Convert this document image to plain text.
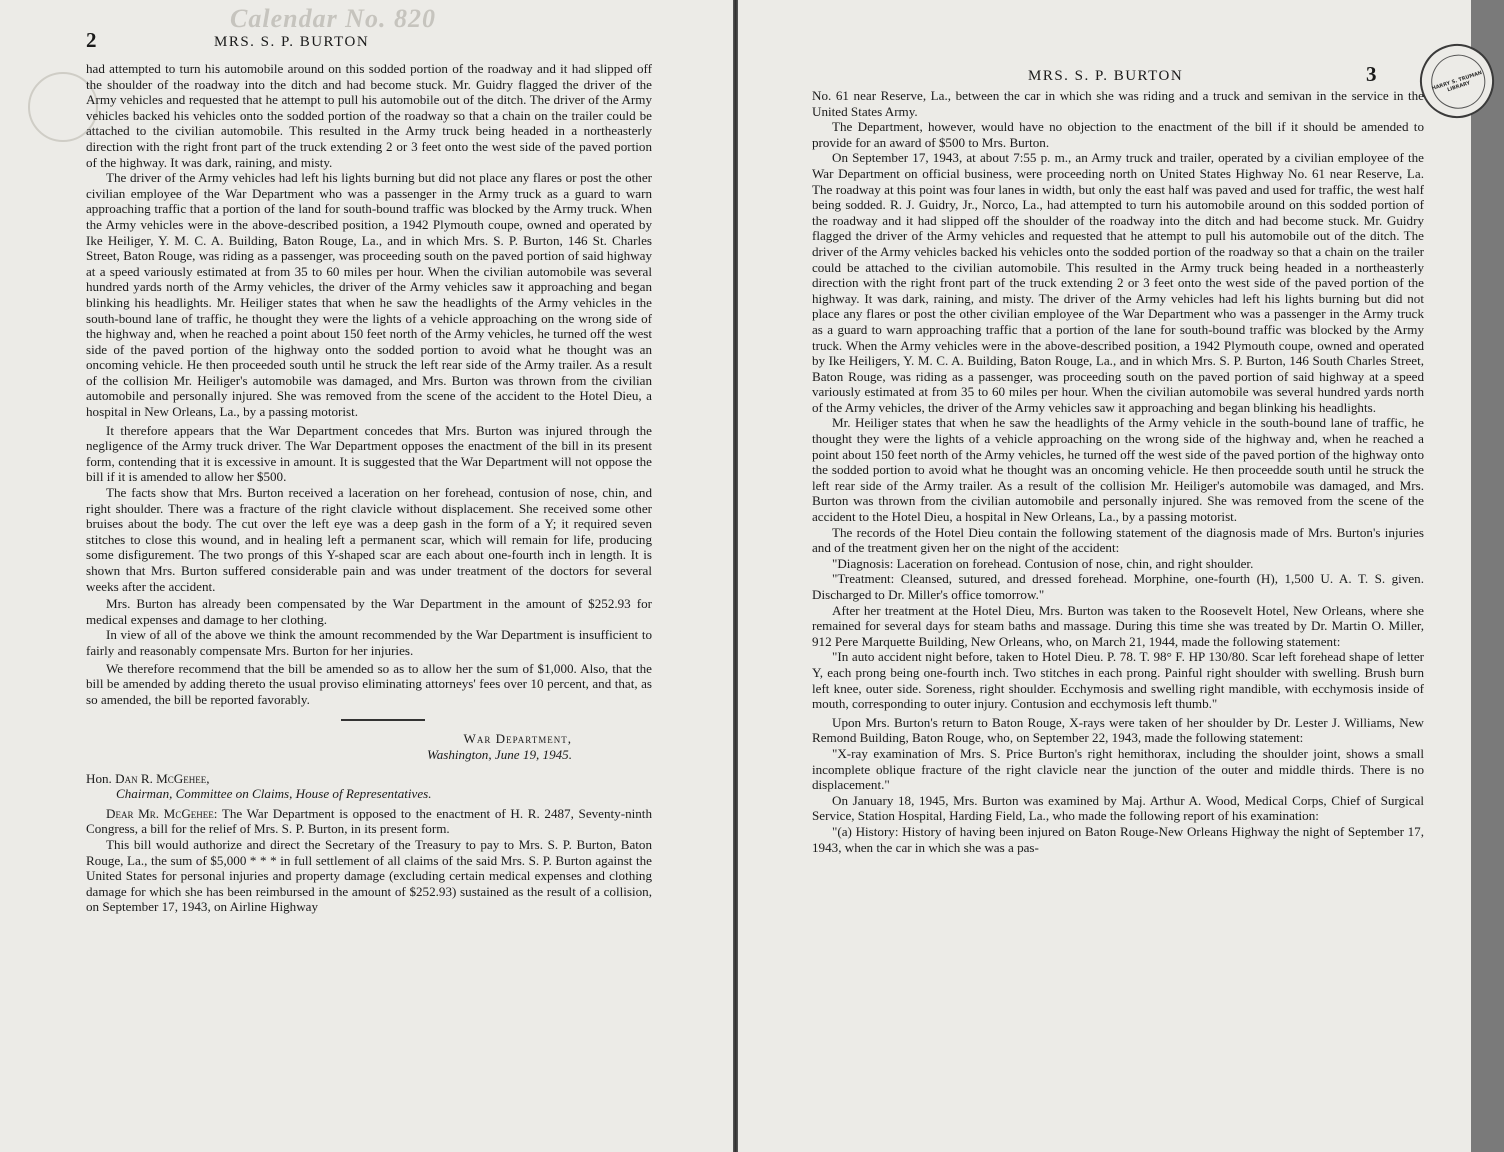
Calendar No. 820
2	MRS. S. P. BURTON

had attempted to turn his automobile around on this sodded portion of the roadway and it had slipped off the shoulder of the roadway into the ditch and had become stuck. Mr. Guidry flagged the driver of the Army vehicles and requested that he attempt to pull his automobile out of the ditch. The driver of the Army vehicles backed his vehicles onto the sodded portion of the roadway so that a chain on the trailer could be attached to the civilian automobile. This resulted in the Army truck being headed in a northeasterly direction with the right front part of the truck extending 2 or 3 feet onto the west side of the paved portion of the highway. It was dark, raining, and misty.

The driver of the Army vehicles had left his lights burning but did not place any flares or post the other civilian employee of the War Department who was a passenger in the Army truck as a guard to warn approaching traffic that a portion of the land for south-bound traffic was blocked by the Army truck. When the Army vehicles were in the above-described position, a 1942 Plymouth coupe, owned and operated by Ike Heiliger, Y. M. C. A. Building, Baton Rouge, La., and in which Mrs. S. P. Burton, 146 St. Charles Street, Baton Rouge, was riding as a passenger, was proceeding south on the paved portion of said highway at a speed variously estimated at from 35 to 60 miles per hour. When the civilian automobile was several hundred yards north of the Army vehicles, the driver of the Army vehicles saw it approaching and began blinking his headlights. Mr. Heiliger states that when he saw the headlights of the Army vehicles in the south-bound lane of traffic, he thought they were the lights of a vehicle approaching on the wrong side of the highway and, when he reached a point about 150 feet north of the Army vehicles, he turned off the west side of the paved portion of the highway onto the sodded portion to avoid what he thought was an oncoming vehicle. He then proceeded south until he struck the left rear side of the Army trailer. As a result of the collision Mr. Heiliger's automobile was damaged, and Mrs. Burton was thrown from the civilian automobile and personally injured. She was removed from the scene of the accident to the Hotel Dieu, a hospital in New Orleans, La., by a passing motorist.

It therefore appears that the War Department concedes that Mrs. Burton was injured through the negligence of the Army truck driver. The War Department opposes the enactment of the bill in its present form, contending that it is excessive in amount. It is suggested that the War Department will not oppose the bill if it is amended to allow her $500.

The facts show that Mrs. Burton received a laceration on her forehead, contusion of nose, chin, and right shoulder. There was a fracture of the right clavicle without displacement. She received some other bruises about the body. The cut over the left eye was a deep gash in the form of a Y; it required seven stitches to close this wound, and in healing left a permanent scar, which will remain for life, producing some disfigurement. The two prongs of this Y-shaped scar are each about one-fourth inch in length. It is shown that Mrs. Burton suffered considerable pain and was under treatment of the doctors for several weeks after the accident.

Mrs. Burton has already been compensated by the War Department in the amount of $252.93 for medical expenses and damage to her clothing.

In view of all of the above we think the amount recommended by the War Department is insufficient to fairly and reasonably compensate Mrs. Burton for her injuries.

We therefore recommend that the bill be amended so as to allow her the sum of $1,000. Also, that the bill be amended by adding thereto the usual proviso eliminating attorneys' fees over 10 percent, and that, as so amended, the bill be reported favorably.

War Department,
Washington, June 19, 1945.
Hon. Dan R. McGehee,
Chairman, Committee on Claims, House of Representatives.

Dear Mr. McGehee: The War Department is opposed to the enactment of H. R. 2487, Seventy-ninth Congress, a bill for the relief of Mrs. S. P. Burton, in its present form.

This bill would authorize and direct the Secretary of the Treasury to pay to Mrs. S. P. Burton, Baton Rouge, La., the sum of $5,000 * * * in full settlement of all claims of the said Mrs. S. P. Burton against the United States for personal injuries and property damage (excluding certain medical expenses and clothing damage for which she has been reimbursed in the amount of $252.93) sustained as the result of a collision, on September 17, 1943, on Airline Highway

MRS. S. P. BURTON	3	HARRY S. TRUMAN LIBRARY

No. 61 near Reserve, La., between the car in which she was riding and a truck and semivan in the service in the United States Army.

The Department, however, would have no objection to the enactment of the bill if it should be amended to provide for an award of $500 to Mrs. Burton.

On September 17, 1943, at about 7:55 p. m., an Army truck and trailer, operated by a civilian employee of the War Department on official business, were proceeding north on United States Highway No. 61 near Reserve, La. The roadway at this point was four lanes in width, but only the east half was paved and used for traffic, the west half being sodded. R. J. Guidry, Jr., Norco, La., had attempted to turn his automobile around on this sodded portion of the roadway and it had slipped off the shoulder of the roadway into the ditch and had become stuck. Mr. Guidry flagged the driver of the Army vehicles and requested that he attempt to pull his automobile out of the ditch. The driver of the Army vehicles backed his vehicles onto the sodded portion of the roadway so that a chain on the trailer could be attached to the civilian automobile. This resulted in the Army truck being headed in a northeasterly direction with the right front part of the truck extending 2 or 3 feet onto the west side of the paved portion of the highway. It was dark, raining, and misty. The driver of the Army vehicles had left his lights burning but did not place any flares or post the other civilian employee of the War Department who was a passenger in the Army truck as a guard to warn approaching traffic that a portion of the lane for south-bound traffic was blocked by the Army truck. When the Army vehicles were in the above-described position, a 1942 Plymouth coupe, owned and operated by Ike Heiligers, Y. M. C. A. Building, Baton Rouge, La., and in which Mrs. S. P. Burton, 146 South Charles Street, Baton Rouge, was riding as a passenger, was proceeding south on the paved portion of said highway at a speed variously estimated at from 35 to 60 miles per hour. When the civilian automobile was several hundred yards north of the Army vehicles, the driver of the Army vehicles saw it approaching and began blinking his headlights.

Mr. Heiliger states that when he saw the headlights of the Army vehicle in the south-bound lane of traffic, he thought they were the lights of a vehicle approaching on the wrong side of the highway and, when he reached a point about 150 feet north of the Army vehicles, he turned off the west side of the paved portion of the highway onto the sodded portion to avoid what he thought was an oncoming vehicle. He then proceedde south until he struck the left rear side of the Army trailer. As a result of the collision Mr. Heiliger's automobile was damaged, and Mrs. Burton was thrown from the civilian automobile and personally injured. She was removed from the scene of the accident to the Hotel Dieu, a hospital in New Orleans, La., by a passing motorist.

The records of the Hotel Dieu contain the following statement of the diagnosis made of Mrs. Burton's injuries and of the treatment given her on the night of the accident:

"Diagnosis: Laceration on forehead. Contusion of nose, chin, and right shoulder.

"Treatment: Cleansed, sutured, and dressed forehead. Morphine, one-fourth (H), 1,500 U. A. T. S. given. Discharged to Dr. Miller's office tomorrow."

After her treatment at the Hotel Dieu, Mrs. Burton was taken to the Roosevelt Hotel, New Orleans, where she remained for several days for steam baths and massage. During this time she was treated by Dr. Martin O. Miller, 912 Pere Marquette Building, New Orleans, who, on March 21, 1944, made the following statement:

"In auto accident night before, taken to Hotel Dieu. P. 78. T. 98° F. HP 130/80. Scar left forehead shape of letter Y, each prong being one-fourth inch. Two stitches in each prong. Painful right shoulder with swelling. Brush burn left knee, outer side. Soreness, right shoulder. Ecchymosis and swelling right mandible, with ecchymosis inside of mouth, corresponding to outer injury. Contusion and ecchymosis left thumb."

Upon Mrs. Burton's return to Baton Rouge, X-rays were taken of her shoulder by Dr. Lester J. Williams, New Remond Building, Baton Rouge, who, on September 22, 1943, made the following statement:

"X-ray examination of Mrs. S. Price Burton's right hemithorax, including the shoulder joint, shows a small incomplete oblique fracture of the right clavicle near the junction of the outer and middle thirds. There is no displacement."

On January 18, 1945, Mrs. Burton was examined by Maj. Arthur A. Wood, Medical Corps, Chief of Surgical Service, Station Hospital, Harding Field, La., who made the following report of his examination:

"(a) History: History of having been injured on Baton Rouge-New Orleans Highway the night of September 17, 1943, when the car in which she was a pas-
